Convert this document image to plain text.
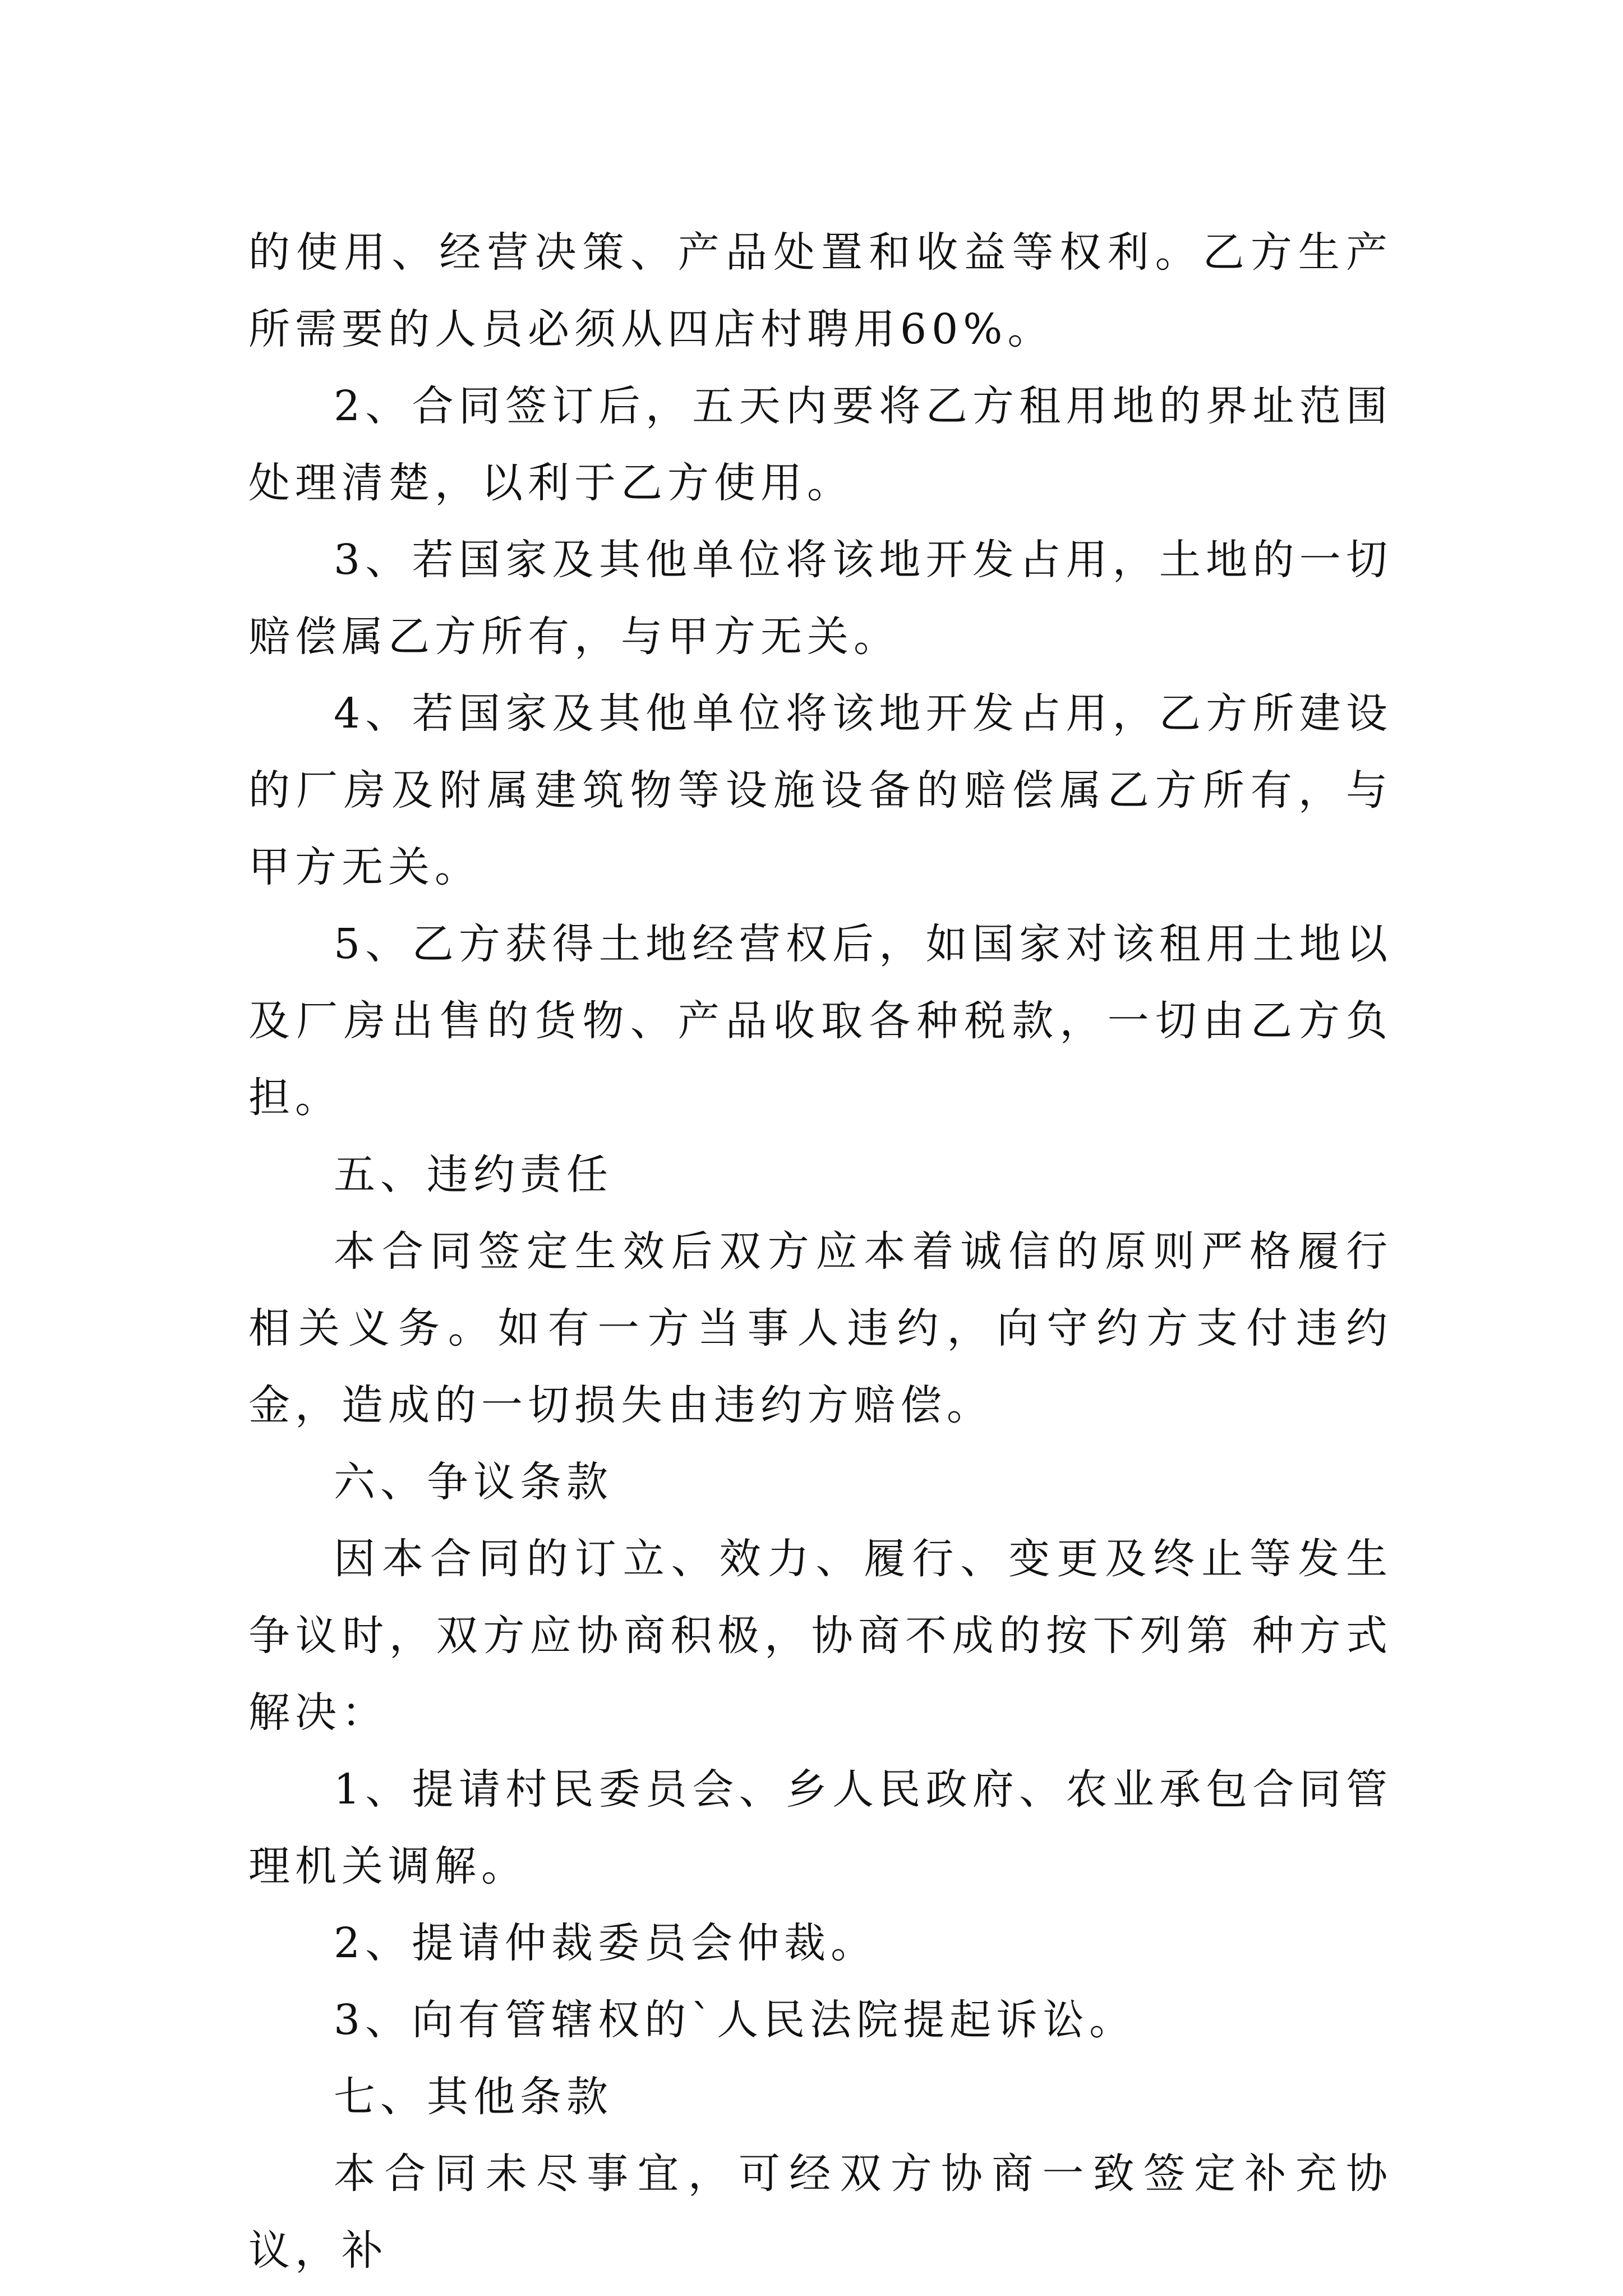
的使用、经营决策、产品处置和收益等权利。乙方生产所需要的人员必须从四店村聘用60%。

2、合同签订后，五天内要将乙方租用地的界址范围处理清楚，以利于乙方使用。

3、若国家及其他单位将该地开发占用，土地的一切赔偿属乙方所有，与甲方无关。

4、若国家及其他单位将该地开发占用，乙方所建设的厂房及附属建筑物等设施设备的赔偿属乙方所有，与甲方无关。

5、乙方获得土地经营权后，如国家对该租用土地以及厂房出售的货物、产品收取各种税款，一切由乙方负担。

五、违约责任

本合同签定生效后双方应本着诚信的原则严格履行相关义务。如有一方当事人违约，向守约方支付违约金，造成的一切损失由违约方赔偿。

六、争议条款

因本合同的订立、效力、履行、变更及终止等发生争议时，双方应协商积极，协商不成的按下列第 种方式解决：

1、提请村民委员会、乡人民政府、农业承包合同管理机关调解。

2、提请仲裁委员会仲裁。

3、向有管辖权的`人民法院提起诉讼。

七、其他条款

本合同未尽事宜，可经双方协商一致签定补充协议，补
